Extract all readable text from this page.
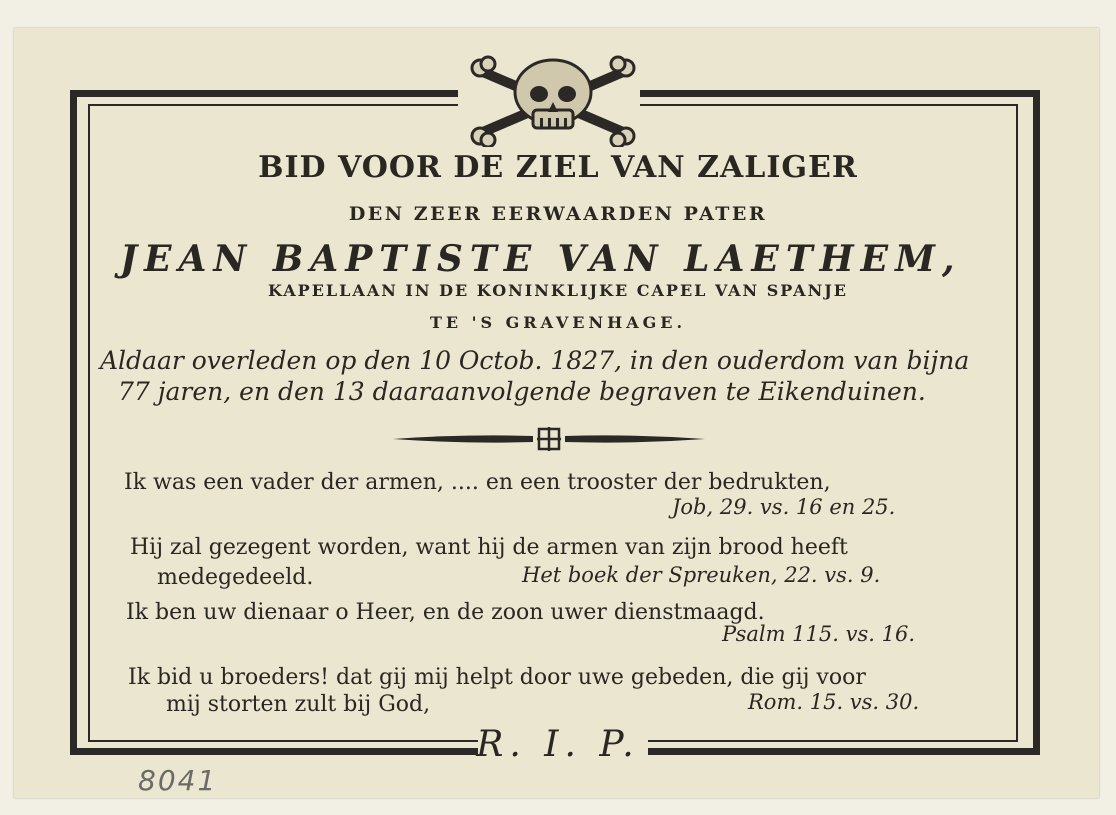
BID VOOR DE ZIEL VAN ZALIGER
DEN ZEER EERWAARDEN PATER
JEAN BAPTISTE VAN LAETHEM,
KAPELLAAN IN DE KONINKLIJKE CAPEL VAN SPANJE
TE 'S GRAVENHAGE.
Aldaar overleden op den 10 Octob. 1827, in den ouderdom van bijna
77 jaren, en den 13 daaraanvolgende begraven te Eikenduinen.
Ik was een vader der armen, .... en een trooster der bedrukten,
Job, 29. vs. 16 en 25.
Hij zal gezegent worden, want hij de armen van zijn brood heeft
medegedeeld.	Het boek der Spreuken, 22. vs. 9.
Ik ben uw dienaar o Heer, en de zoon uwer dienstmaagd.
Psalm 115. vs. 16.
Ik bid u broeders! dat gij mij helpt door uwe gebeden, die gij voor
mij storten zult bij God,	Rom. 15. vs. 30.
R. I. P.
8041
